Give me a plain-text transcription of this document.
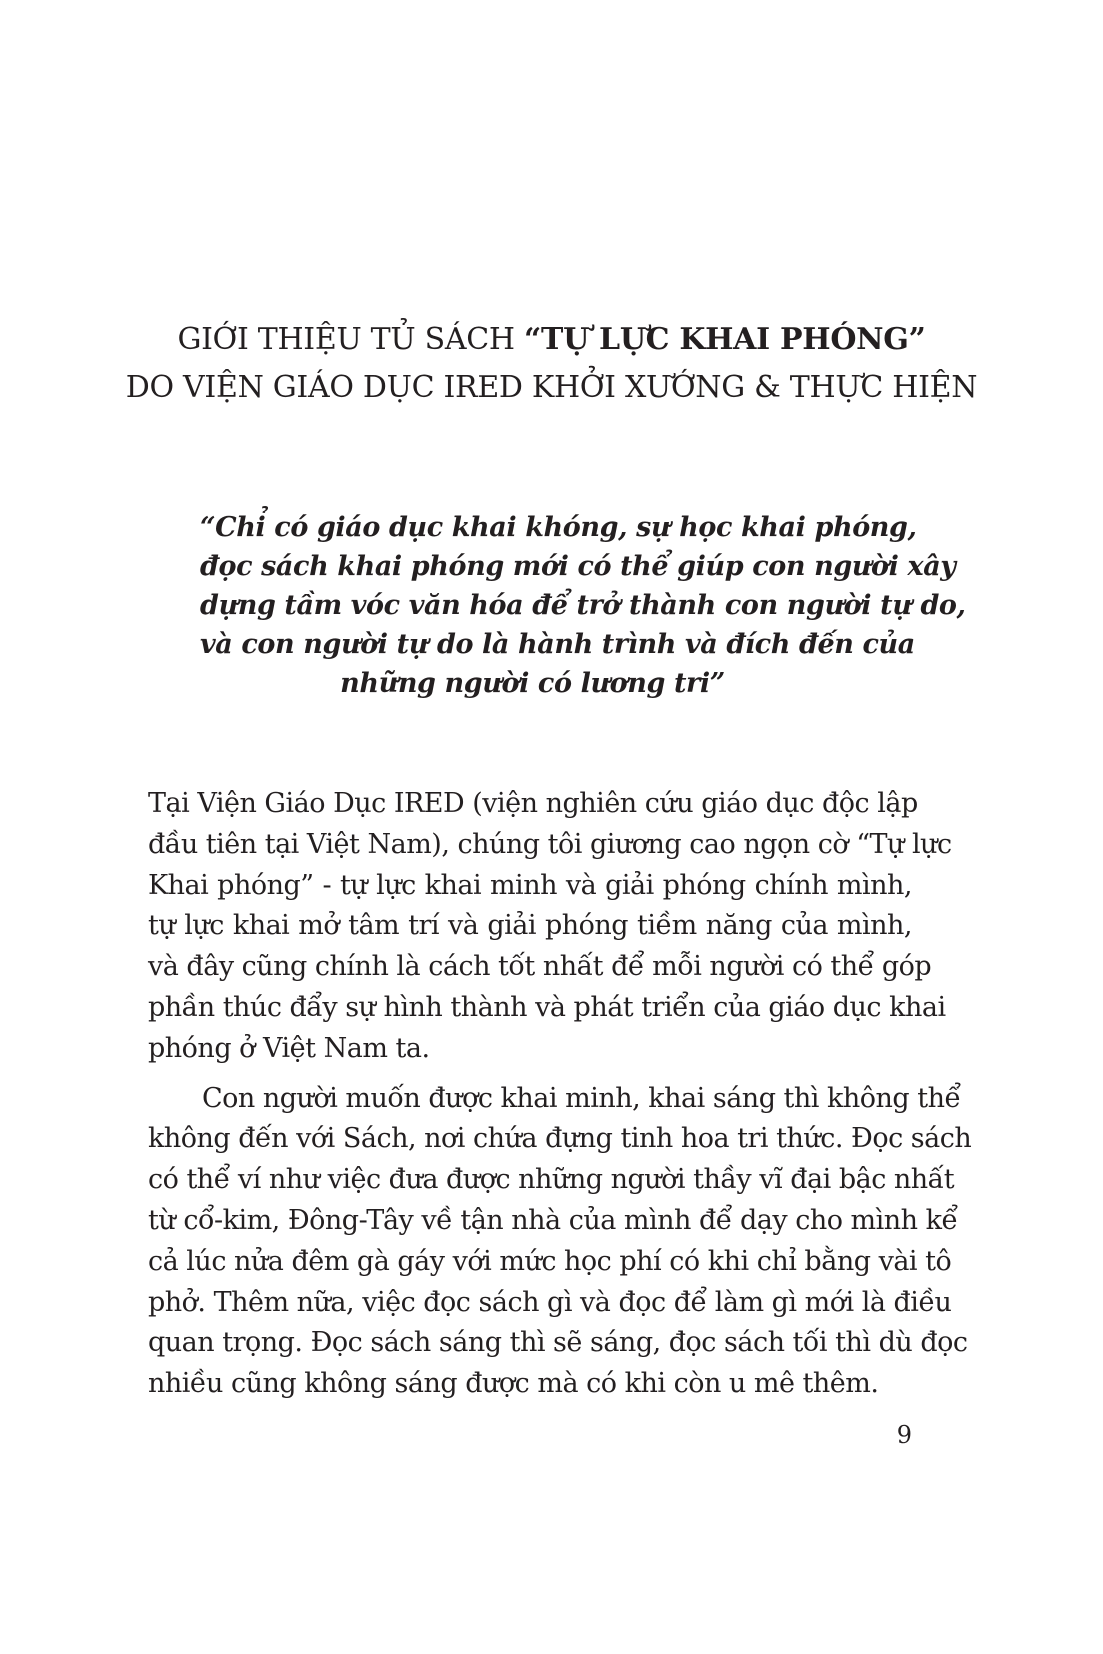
GIỚI THIỆU TỦ SÁCH “TỰ LỰC KHAI PHÓNG”
DO VIỆN GIÁO DỤC IRED KHỞI XƯỚNG & THỰC HIỆN
“Chỉ có giáo dục khai khóng, sự học khai phóng,
đọc sách khai phóng mới có thể giúp con người xây
dựng tầm vóc văn hóa để trở thành con người tự do,
và con người tự do là hành trình và đích đến của
những người có lương tri”

Tại Viện Giáo Dục IRED (viện nghiên cứu giáo dục độc lập
đầu tiên tại Việt Nam), chúng tôi giương cao ngọn cờ “Tự lực
Khai phóng” - tự lực khai minh và giải phóng chính mình,
tự lực khai mở tâm trí và giải phóng tiềm năng của mình,
và đây cũng chính là cách tốt nhất để mỗi người có thể góp
phần thúc đẩy sự hình thành và phát triển của giáo dục khai
phóng ở Việt Nam ta.

Con người muốn được khai minh, khai sáng thì không thể
không đến với Sách, nơi chứa đựng tinh hoa tri thức. Đọc sách
có thể ví như việc đưa được những người thầy vĩ đại bậc nhất
từ cổ-kim, Đông-Tây về tận nhà của mình để dạy cho mình kể
cả lúc nửa đêm gà gáy với mức học phí có khi chỉ bằng vài tô
phở. Thêm nữa, việc đọc sách gì và đọc để làm gì mới là điều
quan trọng. Đọc sách sáng thì sẽ sáng, đọc sách tối thì dù đọc
nhiều cũng không sáng được mà có khi còn u mê thêm.

9
